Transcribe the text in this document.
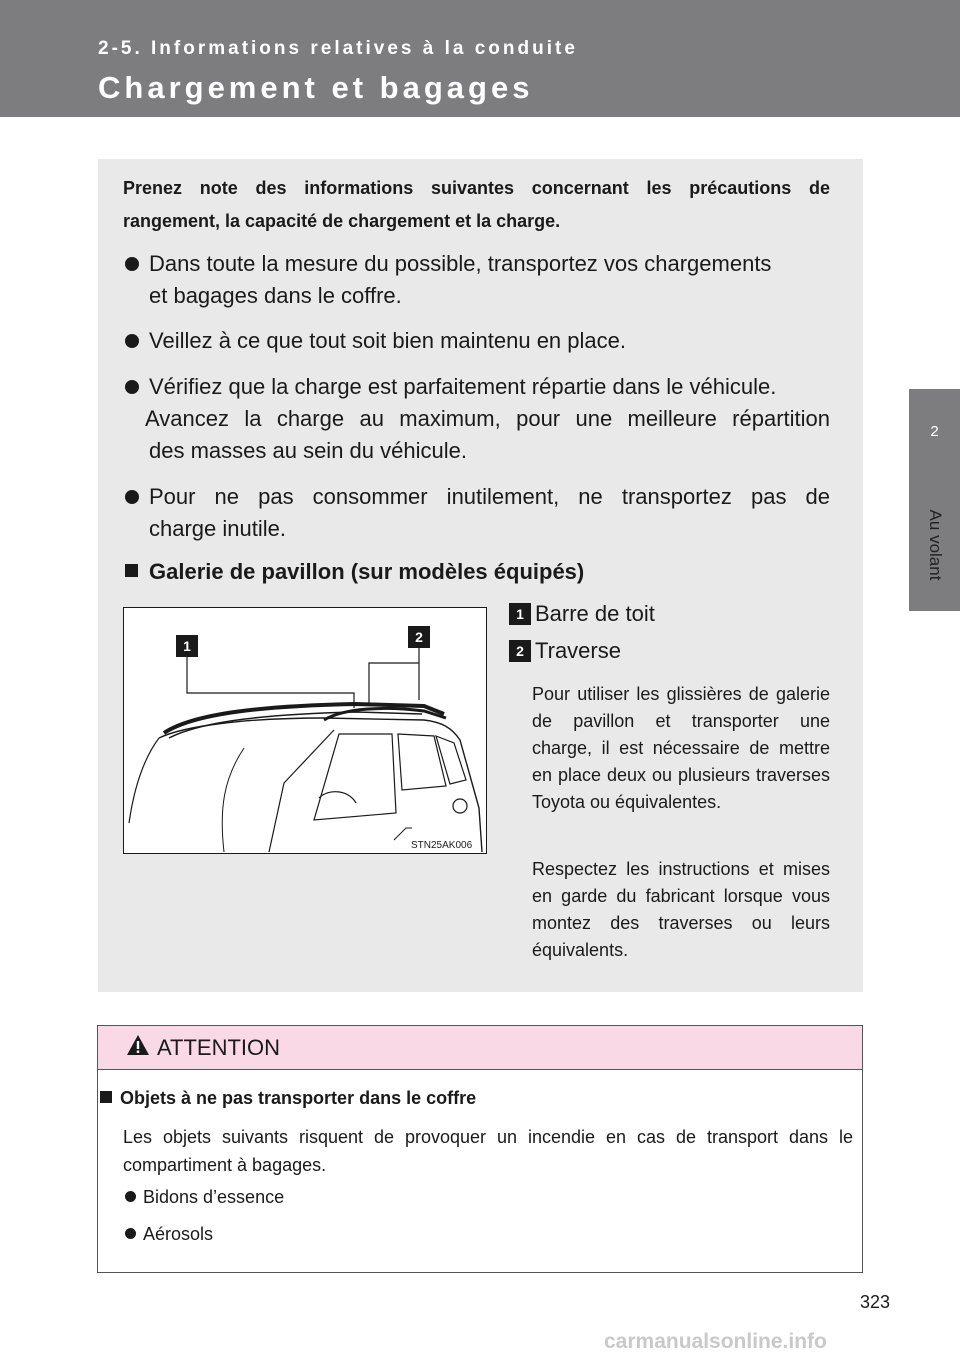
2-5. Informations relatives à la conduite
Chargement et bagages
2
Au volant
Prenez note des informations suivantes concernant les précautions de rangement, la capacité de chargement et la charge.
Dans toute la mesure du possible, transportez vos chargements
et bagages dans le coffre.
Veillez à ce que tout soit bien maintenu en place.
Vérifiez que la charge est parfaitement répartie dans le véhicule.
Avancez la charge au maximum, pour une meilleure répartition
des masses au sein du véhicule.
Pour ne pas consommer inutilement, ne transportez pas de
charge inutile.
Galerie de pavillon (sur modèles équipés)
1
2
STN25AK006
1 Barre de toit
2 Traverse
Pour utiliser les glissières de galerie de pavillon et transporter une charge, il est nécessaire de mettre en place deux ou plusieurs traverses Toyota ou équivalentes.
Respectez les instructions et mises en garde du fabricant lorsque vous montez des traverses ou leurs équivalents.
ATTENTION
Objets à ne pas transporter dans le coffre
Les objets suivants risquent de provoquer un incendie en cas de transport dans le compartiment à bagages.
Bidons d’essence
Aérosols
323
carmanualsonline.info
